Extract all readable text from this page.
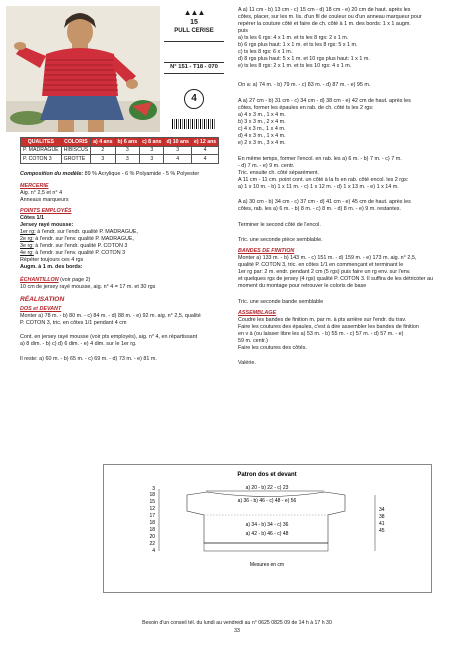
▲▲▲
15
PULL CERISE
N° 151 - T18 - 070
4
QUALITES	COLORIS	a) 4 ans	b) 6 ans	c) 8 ans	d) 10 ans	e) 12 ans
P. MADRAGUE	HIBISCUS	2	3	3	3	4
P. COTON 3	GROTTE	3	3	3	4	4
Composition du modèle: 89 % Acrylique - 6 % Polyamide - 5 % Polyester
MERCERIE
Aig. n° 2,5 et n° 4
Anneaux marqueurs
POINTS EMPLOYÉS
Côtes 1/1
Jersey rayé mousse:
1er rg: à l'endr. sur l'endr. qualité P. MADRAGUE,
2e rg: à l'endr. sur l'env. qualité P. MADRAGUE,
3e rg: à l'endr. sur l'endr. qualité P. COTON 3
4e rg: à l'endr. sur l'env. qualité P. COTON 3
Répéter toujours ces 4 rgs
Augm. à 1 m. des bords:
ÉCHANTILLON (voir page 2)
10 cm de jersey rayé mousse, aig. n° 4 = 17 m. et 30 rgs
RÉALISATION
DOS et DEVANT
Monter a) 78 m. - b) 80 m. - c) 84 m. - d) 88 m. - e) 92 m. aig. n° 2,5, qualité
P. COTON 3, tric. en côtes 1/1 pendant 4 cm
Cont. en jersey rayé mousse (voir pts employés), aig. n° 4, en répartissant
a) 8 dim. - b) c) d) 6 dim. - e) 4 dim. sur le 1er rg.
Il reste: a) 60 m. - b) 65 m. - c) 69 m. - d) 73 m. - e) 81 m.
A a) 11 cm - b) 13 cm - c) 15 cm - d) 18 cm - e) 20 cm de haut. après les
côtes, placer, sur les m. lis. d'un fil de couleur ou d'un anneau marqueur pour
repérer la couture côté et faire de ch. côté à 1 m. des bords: 1 x 1 augm.
puis
a) ts les 6 rgs: 4 x 1 m. et ts les 8 rgs: 2 x 1 m.
b) 6 rgs plus haut: 1 x 1 m. et ts les 8 rgs: 5 x 1 m.
c) ts les 8 rgs: 6 x 1 m.
d) 8 rgs plus haut: 5 x 1 m. et 10 rgs plus haut: 1 x 1 m.
e) ts les 8 rgs: 2 x 1 m. et ts les 10 rgs: 4 x 1 m.
On a: a) 74 m. - b) 79 m. - c) 83 m. - d) 87 m. - e) 95 m.
A a) 27 cm - b) 31 cm - c) 34 cm - d) 38 cm - e) 42 cm de haut. après les
côtes, former les épaules en rab. de ch. côté ts les 2 rgs:
a) 4 x 3 m., 1 x 4 m.
b) 3 x 3 m., 2 x 4 m.
c) 4 x 3 m., 1 x 4 m.
d) 4 x 3 m., 1 x 4 m.
e) 2 x 3 m., 3 x 4 m.
En même temps, former l'encol. en rab. les a) 6 m. - b) 7 m. - c) 7 m.
- d) 7 m. - e) 9 m. centr.
Tric. ensuite ch. côté séparément.
A 11 cm - 11 cm. point cont. un côté à la fs en rab. côté encol. les 2 rgs:
a) 1 x 10 m. - b) 1 x 11 m. - c) 1 x 12 m. - d) 1 x 13 m. - e) 1 x 14 m.
A a) 30 cm - b) 34 cm - c) 37 cm - d) 41 cm - e) 45 cm de haut. après les
côtes, rab. les a) 6 m. - b) 8 m. - c) 8 m. - d) 8 m. - e) 9 m. restantes.
Terminer le second côté de l'encol.
Tric. une seconde pièce semblable.
BANDES DE FINITION
Monter a) 133 m. - b) 143 m. - c) 151 m. - d) 159 m. - e) 173 m. aig. n° 2,5,
qualité P. COTON 3, tric. en côtes 1/1 en commençant et terminant le
1er rg par: 2 m. endr. pendant 2 cm (5 rgs) puis faire un rg env. sur l'env.
et quelques rgs de jersey (4 rgs) qualité P. COTON 3. Il suffira de les détricoter au
moment du montage pour retrouver le coloris de base
Tric. une seconde bande semblable
ASSEMBLAGE
Coudre les bandes de finition m. par m. à pts arrière sur l'endr. du trav.
Faire les coutures des épaules, c'est à dire assembler les bandes de finition
en v à (ou laisser libre les a) 53 m. - b) 55 m. - c) 57 m. - d) 57 m. - e)
59 m. centr.)
Faire les coutures des côtés.
Valérie.
Patron dos et devant
a) 20 - b) 22 - c) 23
a) 36 - b) 46 - c) 48 - e) 56
a) 34 - b) 34 - c) 36
a) 42 - b) 46 - c) 48
3
18
15
12
17
18
18
20
22
4
34
38
41
45
Mesures en cm
Besoin d'un conseil tél. du lundi au vendredi au n° 0625 0825 09 de 14 h à 17 h 30
33
